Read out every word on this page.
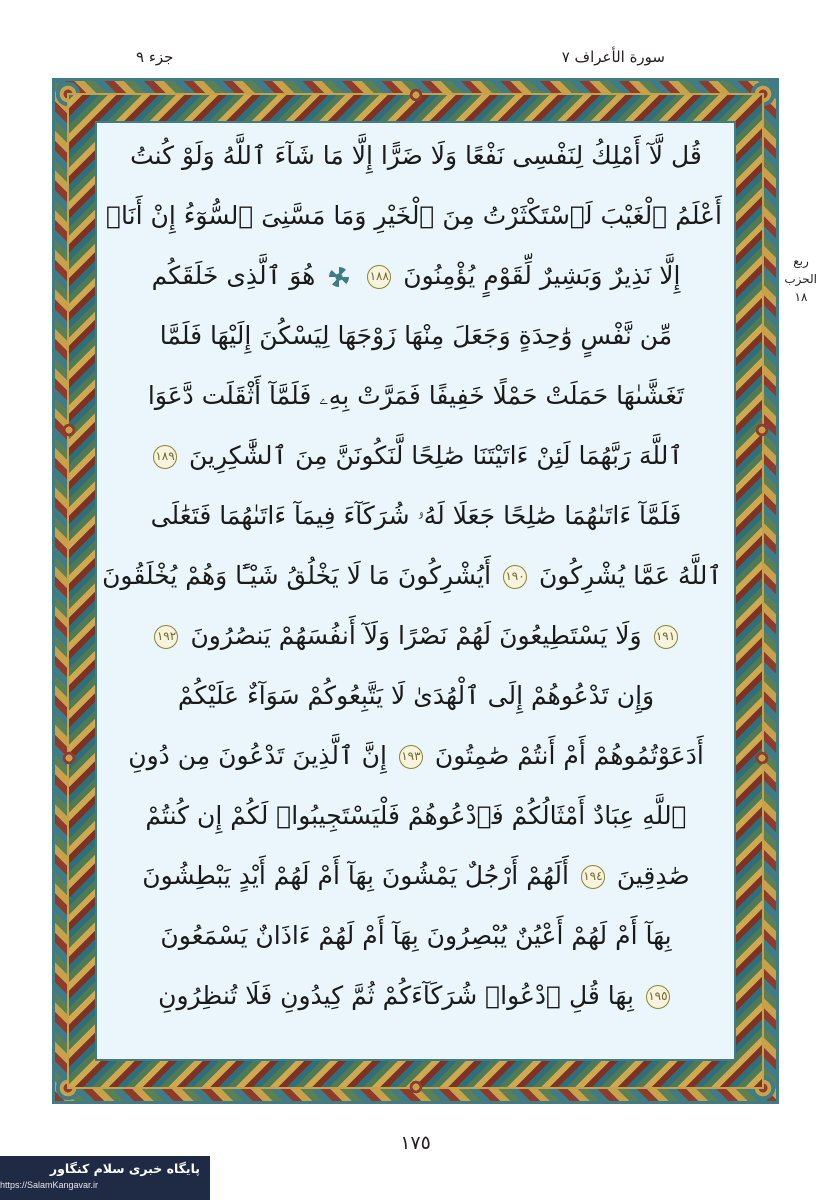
سورة الأعراف ٧
جزء ٩
قُل لَّآ أَمْلِكُ لِنَفْسِى نَفْعًا وَلَا ضَرًّا إِلَّا مَا شَآءَ ٱللَّهُ وَلَوْ كُنتُ
أَعْلَمُ ٱلْغَيْبَ لَٱسْتَكْثَرْتُ مِنَ ٱلْخَيْرِ وَمَا مَسَّنِىَ ٱلسُّوٓءُ إِنْ أَنَا۠
إِلَّا نَذِيرٌ وَبَشِيرٌ لِّقَوْمٍ يُؤْمِنُونَ ١٨٨  هُوَ ٱلَّذِى خَلَقَكُم
مِّن نَّفْسٍ وَٰحِدَةٍ وَجَعَلَ مِنْهَا زَوْجَهَا لِيَسْكُنَ إِلَيْهَا فَلَمَّا
تَغَشَّىٰهَا حَمَلَتْ حَمْلًا خَفِيفًا فَمَرَّتْ بِهِۦ فَلَمَّآ أَثْقَلَت دَّعَوَا
ٱللَّهَ رَبَّهُمَا لَئِنْ ءَاتَيْتَنَا صَٰلِحًا لَّنَكُونَنَّ مِنَ ٱلشَّٰكِرِينَ ١٨٩
فَلَمَّآ ءَاتَىٰهُمَا صَٰلِحًا جَعَلَا لَهُۥ شُرَكَآءَ فِيمَآ ءَاتَىٰهُمَا فَتَعَٰلَى
ٱللَّهُ عَمَّا يُشْرِكُونَ ١٩٠ أَيُشْرِكُونَ مَا لَا يَخْلُقُ شَيْـًٔا وَهُمْ يُخْلَقُونَ
١٩١ وَلَا يَسْتَطِيعُونَ لَهُمْ نَصْرًا وَلَآ أَنفُسَهُمْ يَنصُرُونَ ١٩٢
وَإِن تَدْعُوهُمْ إِلَى ٱلْهُدَىٰ لَا يَتَّبِعُوكُمْ سَوَآءٌ عَلَيْكُمْ
أَدَعَوْتُمُوهُمْ أَمْ أَنتُمْ صَٰمِتُونَ ١٩٣ إِنَّ ٱلَّذِينَ تَدْعُونَ مِن دُونِ
ٱللَّهِ عِبَادٌ أَمْثَالُكُمْ فَٱدْعُوهُمْ فَلْيَسْتَجِيبُوا۟ لَكُمْ إِن كُنتُمْ
صَٰدِقِينَ ١٩٤ أَلَهُمْ أَرْجُلٌ يَمْشُونَ بِهَآ أَمْ لَهُمْ أَيْدٍ يَبْطِشُونَ
بِهَآ أَمْ لَهُمْ أَعْيُنٌ يُبْصِرُونَ بِهَآ أَمْ لَهُمْ ءَاذَانٌ يَسْمَعُونَ
١٩٥ بِهَا قُلِ ٱدْعُوا۟ شُرَكَآءَكُمْ ثُمَّ كِيدُونِ فَلَا تُنظِرُونِ
ربع
الحزب
١٨
١٧٥
پایگاه خبری سلام کنگاور
https://SalamKangavar.ir
